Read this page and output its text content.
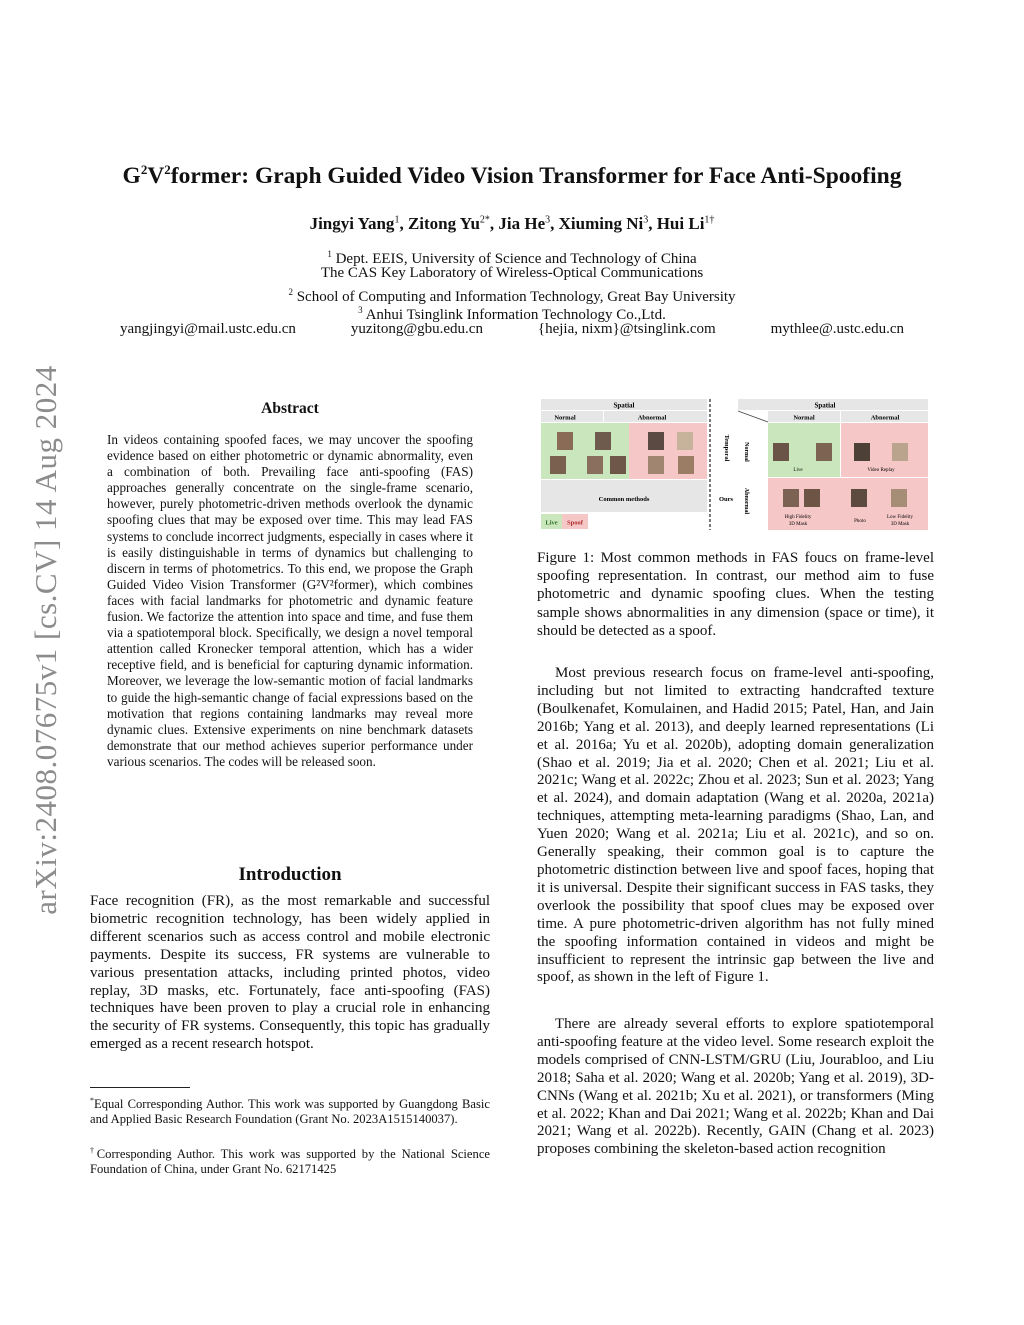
arXiv:2408.07675v1 [cs.CV] 14 Aug 2024
$G^2V^2former$: Graph Guided Video Vision Transformer for Face Anti-Spoofing
Jingyi Yang$^1$, Zitong $Yu^{2*}$, Jia He$^3$, Xiuming Ni$^3$, Hui $Li^{1\dagger}$
$^1$ Dept. EEIS, University of Science and Technology of China
The CAS Key Laboratory of Wireless-Optical Communications
$^2$ School of Computing and Information Technology, Great Bay University
$^3$ Anhui Tsinglink Information Technology Co.,Ltd.
yangjingyi@mail.ustc.edu.cn	yuzitong@gbu.edu.cn	{hejia, nixm}@tsinglink.com	mythlee@.ustc.edu.cn
Abstract
In videos containing spoofed faces, we may uncover the spoofing evidence based on either photometric or dynamic abnormality, even a combination of both. Prevailing face anti-spoofing (FAS) approaches generally concentrate on the single-frame scenario, however, purely photometric-driven methods overlook the dynamic spoofing clues that may be exposed over time. This may lead FAS systems to conclude incorrect judgments, especially in cases where it is easily distinguishable in terms of dynamics but challenging to discern in terms of photometrics. To this end, we propose the Graph Guided Video Vision Transformer (G²V²former), which combines faces with facial landmarks for photometric and dynamic feature fusion. We factorize the attention into space and time, and fuse them via a spatiotemporal block. Specifically, we design a novel temporal attention called Kronecker temporal attention, which has a wider receptive field, and is beneficial for capturing dynamic information. Moreover, we leverage the low-semantic motion of facial landmarks to guide the high-semantic change of facial expressions based on the motivation that regions containing landmarks may reveal more dynamic clues. Extensive experiments on nine benchmark datasets demonstrate that our method achieves superior performance under various scenarios. The codes will be released soon.
Introduction
Face recognition (FR), as the most remarkable and successful biometric recognition technology, has been widely applied in different scenarios such as access control and mobile electronic payments. Despite its success, FR systems are vulnerable to various presentation attacks, including printed photos, video replay, 3D masks, etc. Fortunately, face anti-spoofing (FAS) techniques have been proven to play a crucial role in enhancing the security of FR systems. Consequently, this topic has gradually emerged as a recent research hotspot.
*Equal Corresponding Author. This work was supported by Guangdong Basic and Applied Basic Research Foundation (Grant No. 2023A1515140037).
†Corresponding Author. This work was supported by the National Science Foundation of China, under Grant No. 62171425
Spatial
Normal	Abnormal
Common methods
Live Spoof
Temporal
Ours
Spatial
Normal	Abnormal
Normal
Abnormal
Live	Video Replay
High Fidelity
3D Mask
Photo
Low Fidelity
3D Mask
Figure 1: Most common methods in FAS foucs on frame-level spoofing representation. In contrast, our method aim to fuse photometric and dynamic spoofing clues. When the testing sample shows abnormalities in any dimension (space or time), it should be detected as a spoof.
Most previous research focus on frame-level anti-spoofing, including but not limited to extracting handcrafted texture (Boulkenafet, Komulainen, and Hadid 2015; Patel, Han, and Jain 2016b; Yang et al. 2013), and deeply learned representations (Li et al. 2016a; Yu et al. 2020b), adopting domain generalization (Shao et al. 2019; Jia et al. 2020; Chen et al. 2021; Liu et al. 2021c; Wang et al. 2022c; Zhou et al. 2023; Sun et al. 2023; Yang et al. 2024), and domain adaptation (Wang et al. 2020a, 2021a) techniques, attempting meta-learning paradigms (Shao, Lan, and Yuen 2020; Wang et al. 2021a; Liu et al. 2021c), and so on. Generally speaking, their common goal is to capture the photometric distinction between live and spoof faces, hoping that it is universal. Despite their significant success in FAS tasks, they overlook the possibility that spoof clues may be exposed over time. A pure photometric-driven algorithm has not fully mined the spoofing information contained in videos and might be insufficient to represent the intrinsic gap between the live and spoof, as shown in the left of Figure 1.
There are already several efforts to explore spatiotemporal anti-spoofing feature at the video level. Some research exploit the models comprised of CNN-LSTM/GRU (Liu, Jourabloo, and Liu 2018; Saha et al. 2020; Wang et al. 2020b; Yang et al. 2019), 3D-CNNs (Wang et al. 2021b; Xu et al. 2021), or transformers (Ming et al. 2022; Khan and Dai 2021; Wang et al. 2022b; Khan and Dai 2021; Wang et al. 2022b). Recently, GAIN (Chang et al. 2023) proposes combining the skeleton-based action recognition
